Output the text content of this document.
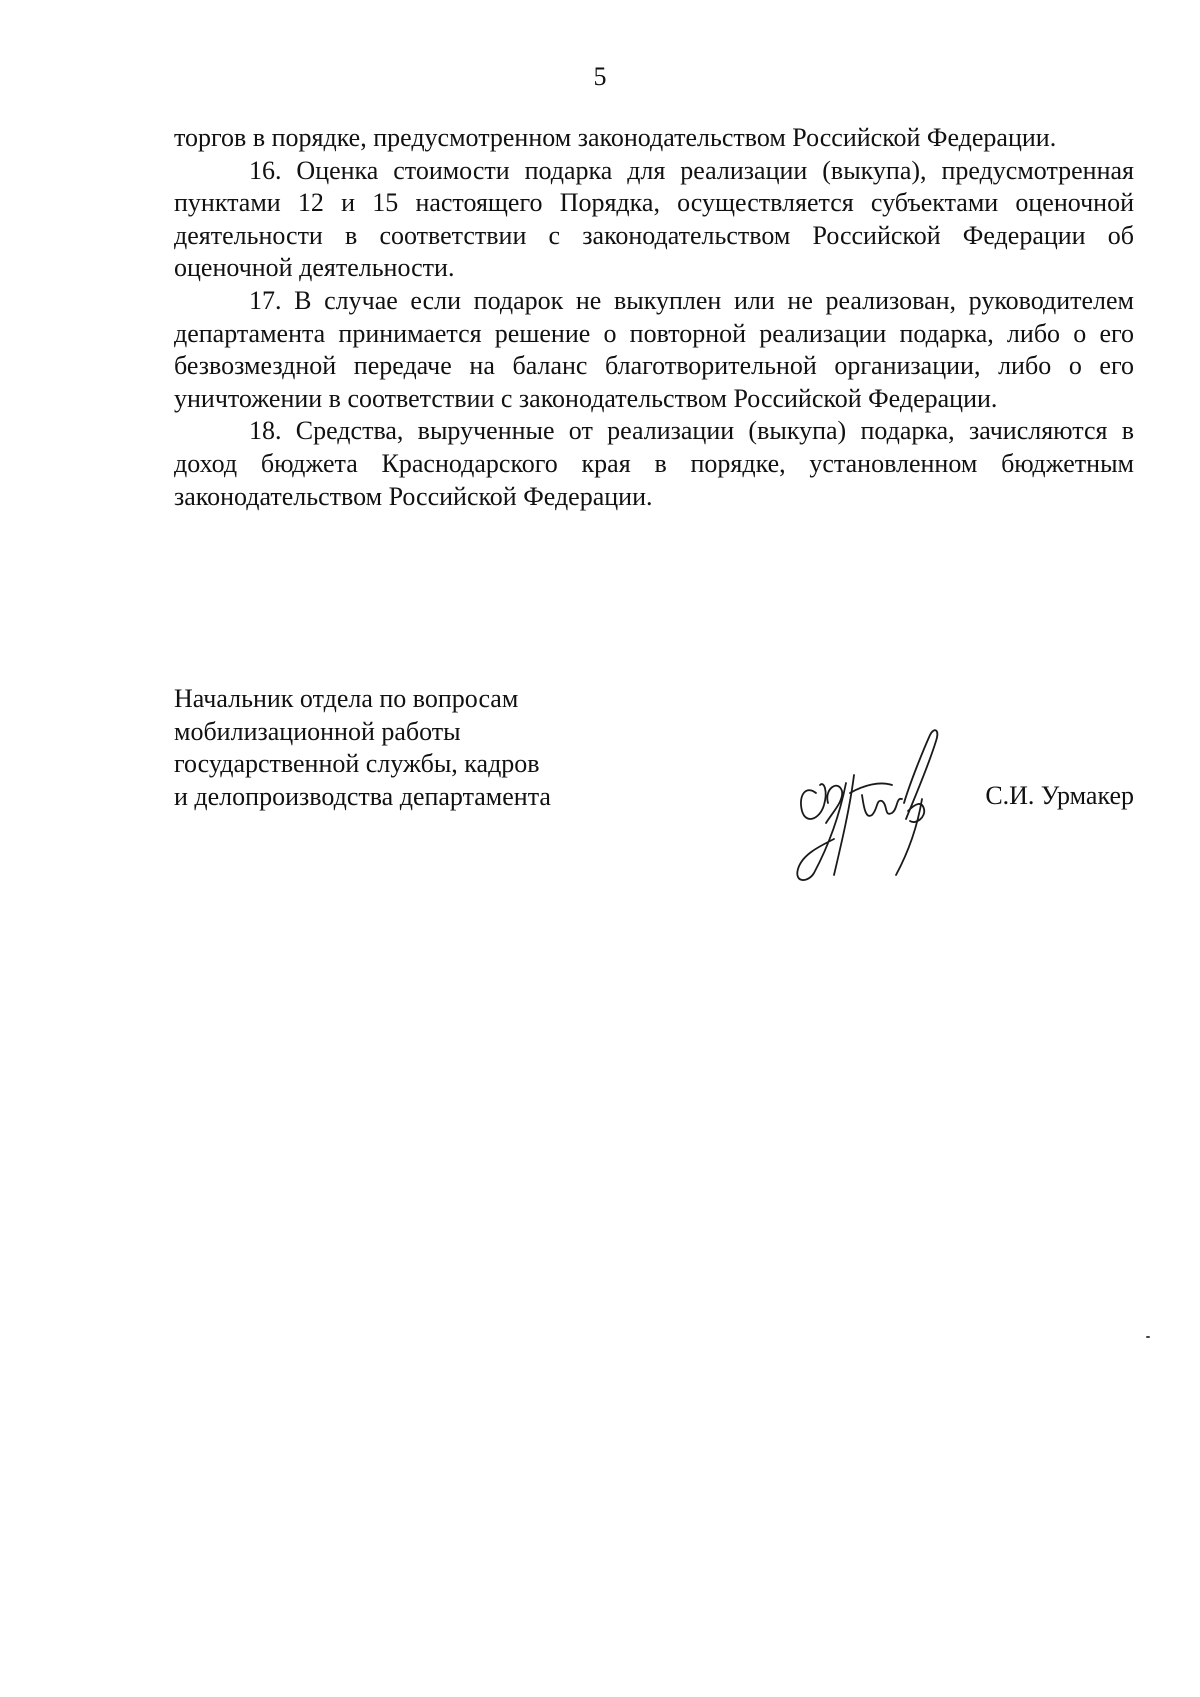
5

торгов в порядке, предусмотренном законодательством Российской Федерации.

16. Оценка стоимости подарка для реализации (выкупа), предусмотренная пунктами 12 и 15 настоящего Порядка, осуществляется субъектами оценочной деятельности в соответствии с законодательством Российской Федерации об оценочной деятельности.

17. В случае если подарок не выкуплен или не реализован, руководителем департамента принимается решение о повторной реализации подарка, либо о его безвозмездной передаче на баланс благотворительной организации, либо о его уничтожении в соответствии с законодательством Российской Федерации.

18. Средства, вырученные от реализации (выкупа) подарка, зачисляются в доход бюджета Краснодарского края в порядке, установленном бюджетным законодательством Российской Федерации.

Начальник отдела по вопросам
мобилизационной работы
государственной службы, кадров
и делопроизводства департамента	С.И. Урмакер
